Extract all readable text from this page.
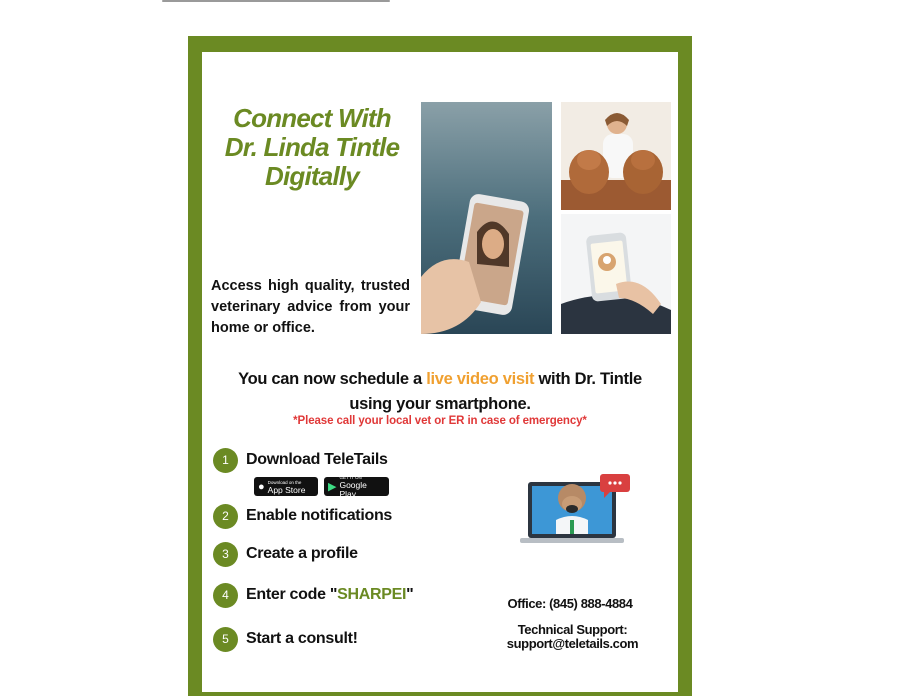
Connect With
Dr. Linda Tintle
Digitally
Access high quality, trusted veterinary advice from your home or office.
You can now schedule a live video visit with Dr. Tintle using your smartphone.
*Please call your local vet or ER in case of emergency*
1	Download TeleTails
● Download on the
App Store ▶
GET IT ON
Google Play
2	Enable notifications
3	Create a profile
4	Enter code "SHARPEI"
5	Start a consult!
Office: (845) 888-4884
Technical Support:
support@teletails.com
